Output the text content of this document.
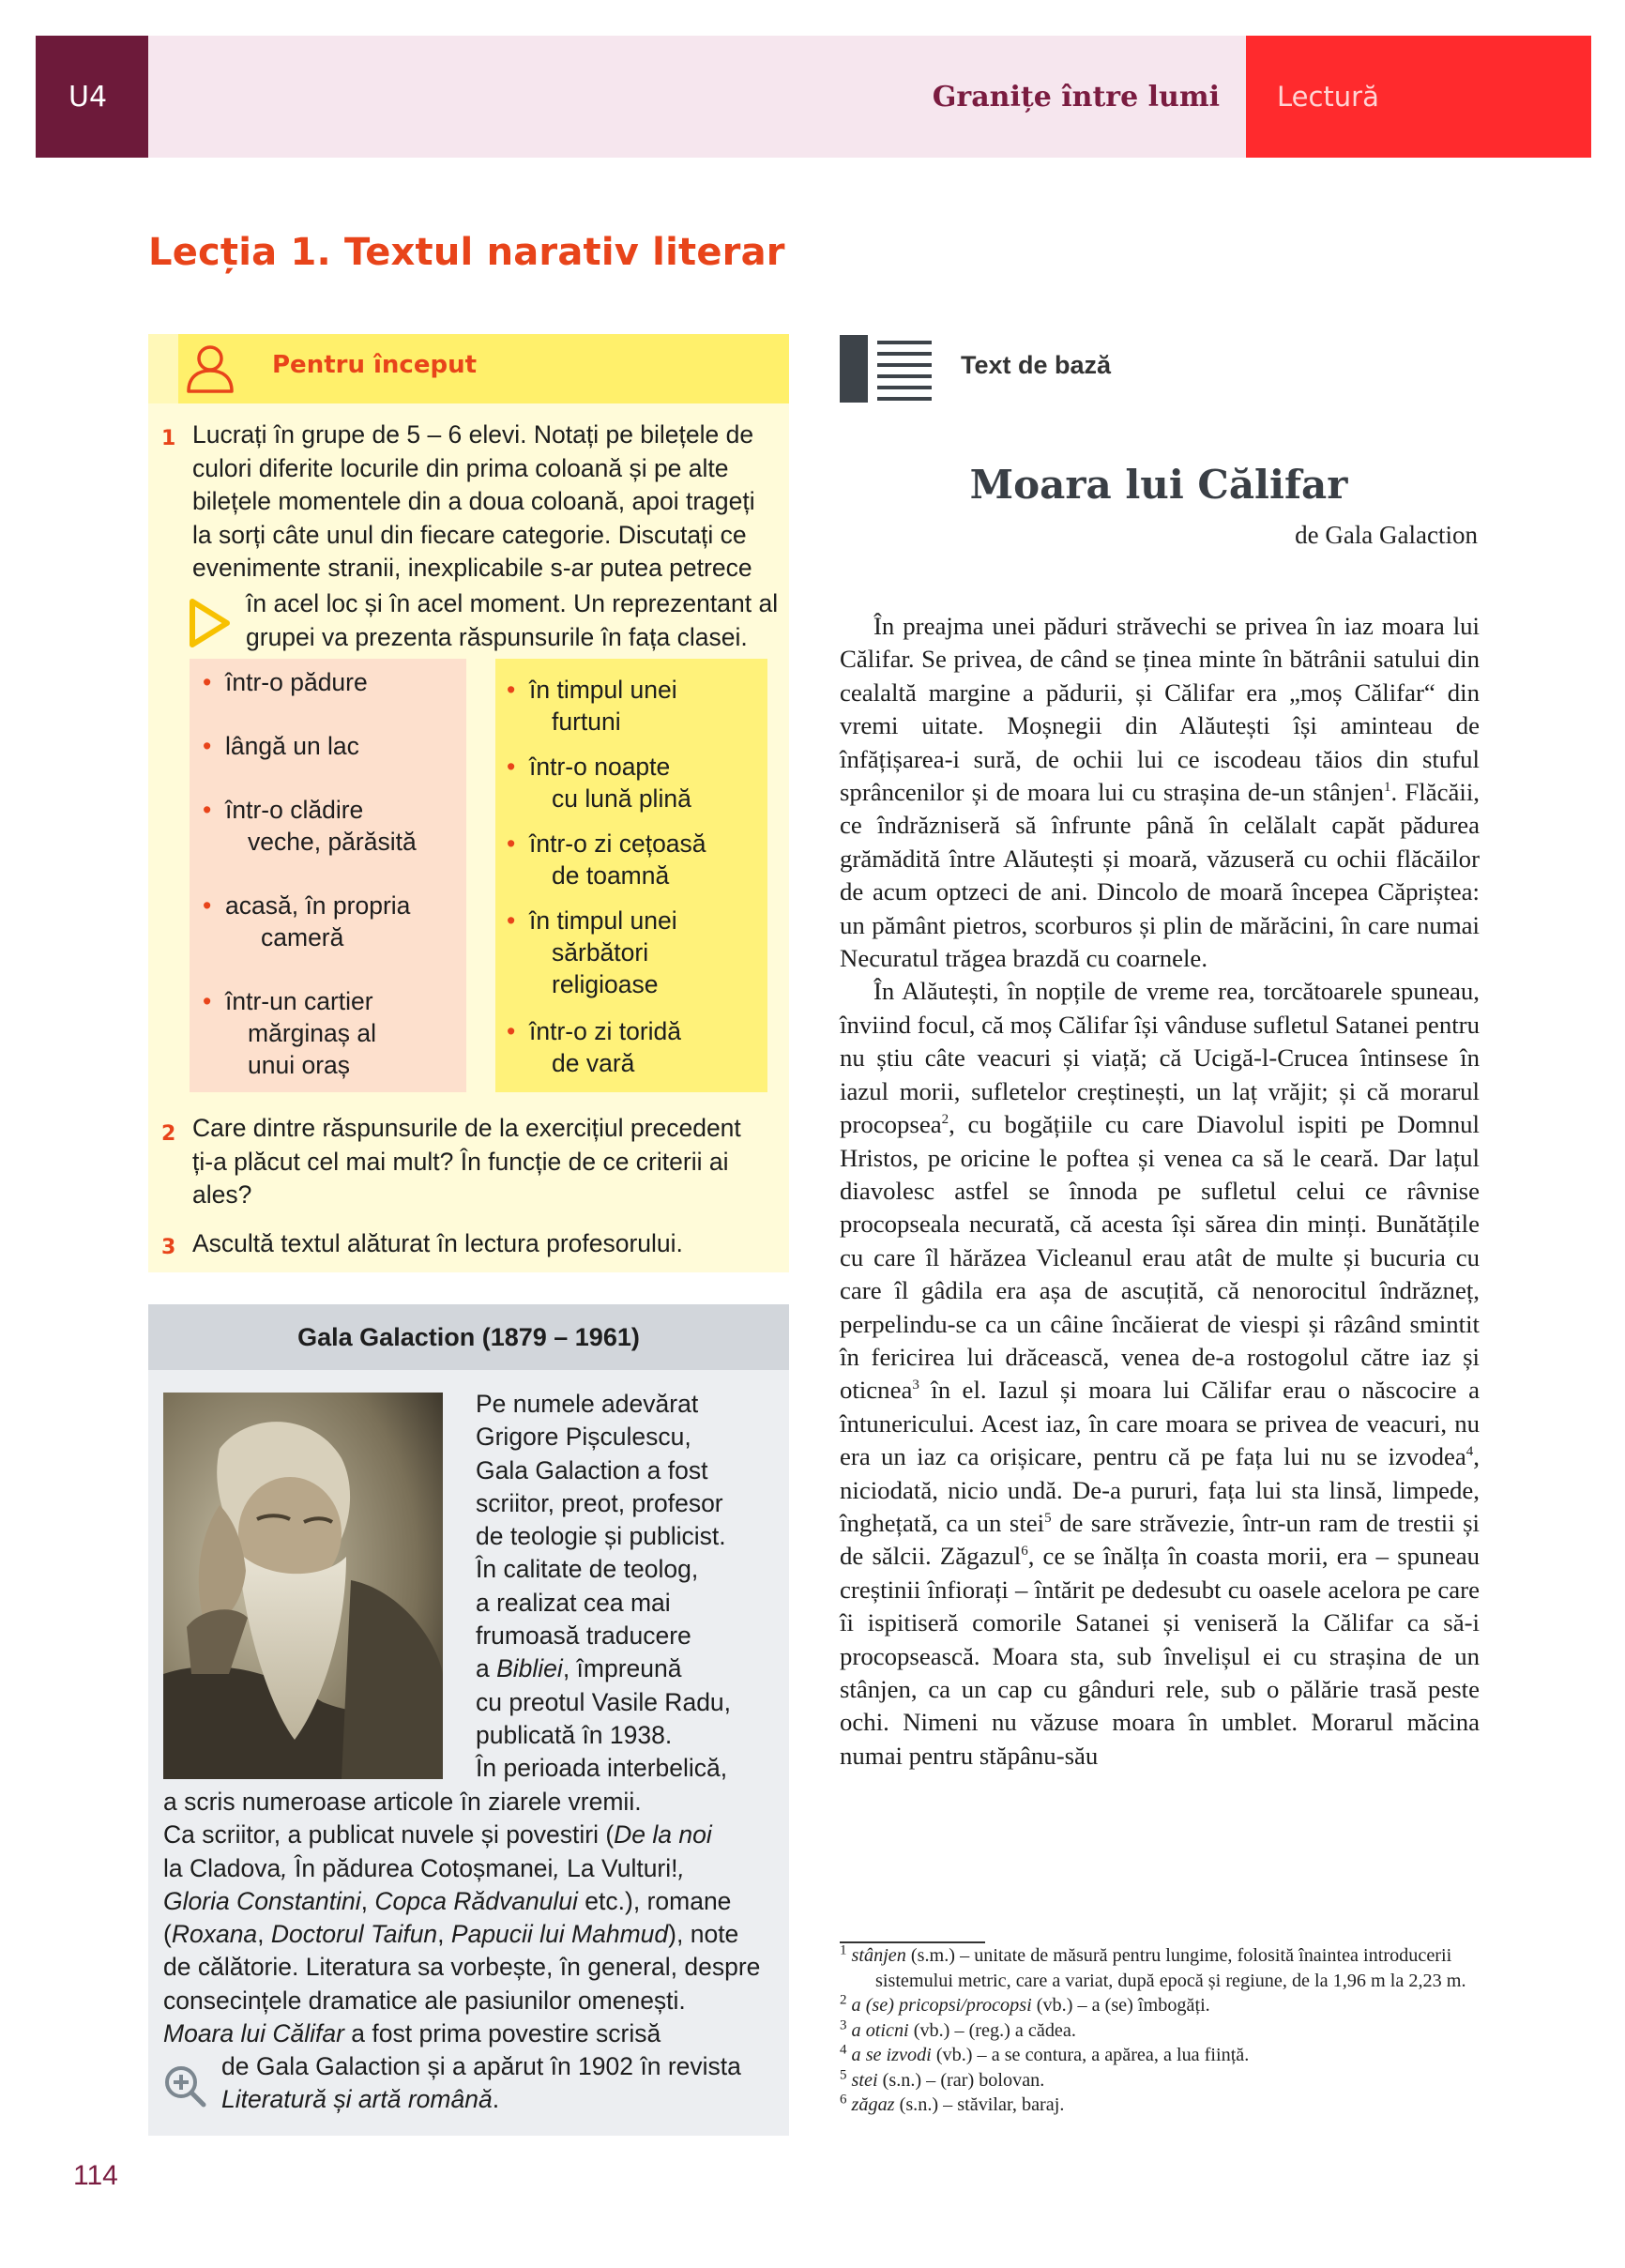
U4	Granițe între lumi	Lectură
Lecția 1. Textul narativ literar
Pentru început
1 Lucrați în grupe de 5 – 6 elevi. Notați pe bilețele de
culori diferite locurile din prima coloană și pe alte
bilețele momentele din a doua coloană, apoi trageți
la sorți câte unul din fiecare categorie. Discutați ce
evenimente stranii, inexplicabile s-ar putea petrece
în acel loc și în acel moment. Un reprezentant al
grupei va prezenta răspunsurile în fața clasei.
• într-o pădure
• lângă un lac
• într-o clădire
veche, părăsită
• acasă, în propria
cameră
• într-un cartier
mărginaș al
unui oraș
• în timpul unei
furtuni
• într-o noapte
cu lună plină
• într-o zi cețoasă
de toamnă
• în timpul unei
sărbători
religioase
• într-o zi toridă
de vară
2 Care dintre răspunsurile de la exercițiul precedent
ți-a plăcut cel mai mult? În funcție de ce criterii ai
ales?
3 Ascultă textul alăturat în lectura profesorului.
Gala Galaction (1879 – 1961)
Pe numele adevărat
Grigore Pișculescu,
Gala Galaction a fost
scriitor, preot, profesor
de teologie și publicist.
În calitate de teolog,
a realizat cea mai
frumoasă traducere
a Bibliei, împreună
cu preotul Vasile Radu,
publicată în 1938.
În perioada interbelică,
a scris numeroase articole în ziarele vremii.
Ca scriitor, a publicat nuvele și povestiri (De la noi
la Cladova, În pădurea Cotoșmanei, La Vulturi!,
Gloria Constantini, Copca Rădvanului etc.), romane
(Roxana, Doctorul Taifun, Papucii lui Mahmud), note
de călătorie. Literatura sa vorbește, în general, despre
consecințele dramatice ale pasiunilor omenești.
Moara lui Călifar a fost prima povestire scrisă
de Gala Galaction și a apărut în 1902 în revista
Literatură și artă română.
114
Text de bază
Moara lui Călifar
de Gala Galaction

În preajma unei păduri străvechi se privea în iaz moara lui Călifar. Se privea, de când se ținea minte în bătrânii satului din cealaltă margine a pădurii, și Călifar era „moș Călifar“ din vremi uitate. Moșnegii din Alăutești își aminteau de înfățișarea-i sură, de ochii lui ce iscodeau tăios din stuful sprâncenilor și de moara lui cu strașina de-un stânjen$^1$. Flăcăii, ce îndrăzniseră să înfrunte până în celălalt capăt pădurea grămădită între Alăutești și moară, văzuseră cu ochii flăcăilor de acum optzeci de ani. Dincolo de moară începea Căpriștea: un pământ pietros, scorburos și plin de mărăcini, în care numai Necuratul trăgea brazdă cu coarnele.

În Alăutești, în nopțile de vreme rea, torcătoarele spuneau, înviind focul, că moș Călifar își vânduse sufletul Satanei pentru nu știu câte veacuri și viață; că Ucigă-l-Crucea întinsese în iazul morii, sufletelor creștinești, un laț vrăjit; și că morarul procopsea$^2$, cu bogățiile cu care Diavolul ispiti pe Domnul Hristos, pe oricine le poftea și venea ca să le ceară. Dar lațul diavolesc astfel se înnoda pe sufletul celui ce râvnise procopseala necurată, că acesta își sărea din minți. Bunătățile cu care îl hărăzea Vicleanul erau atât de multe și bucuria cu care îl gâdila era așa de ascuțită, că nenorocitul îndrăzneț, perpelindu-se ca un câine încăierat de viespi și râzând smintit în fericirea lui drăcească, venea de-a rostogolul către iaz și oticnea$^3$ în el. Iazul și moara lui Călifar erau o născocire a întunericului. Acest iaz, în care moara se privea de veacuri, nu era un iaz ca orișicare, pentru că pe fața lui nu se izvodea$^4$, niciodată, nicio undă. De-a pururi, fața lui sta linsă, limpede, înghețată, ca un stei$^5$ de sare străvezie, într-un ram de trestii și de sălcii. Zăgazul$^6$, ce se înălța în coasta morii, era – spuneau creștinii înfiorați – întărit pe dedesubt cu oasele acelora pe care îi ispitiseră comorile Satanei și veniseră la Călifar ca să-i procopsească. Moara sta, sub învelișul ei cu strașina de un stânjen, ca un cap cu gânduri rele, sub o pălărie trasă peste ochi. Nimeni nu văzuse moara în umblet. Morarul măcina numai pentru stăpânu-său

$^1$ stânjen (s.m.) – unitate de măsură pentru lungime, folosită înaintea introducerii sistemului metric, care a variat, după epocă și regiune, de la 1,96 m la 2,23 m.
$^2$ a (se) pricopsi/procopsi (vb.) – a (se) îmbogăți.
$^3$ a oticni (vb.) – (reg.) a cădea.
$^4$ a se izvodi (vb.) – a se contura, a apărea, a lua ființă.
$^5$ stei (s.n.) – (rar) bolovan.
$^6$ zăgaz (s.n.) – stăvilar, baraj.
